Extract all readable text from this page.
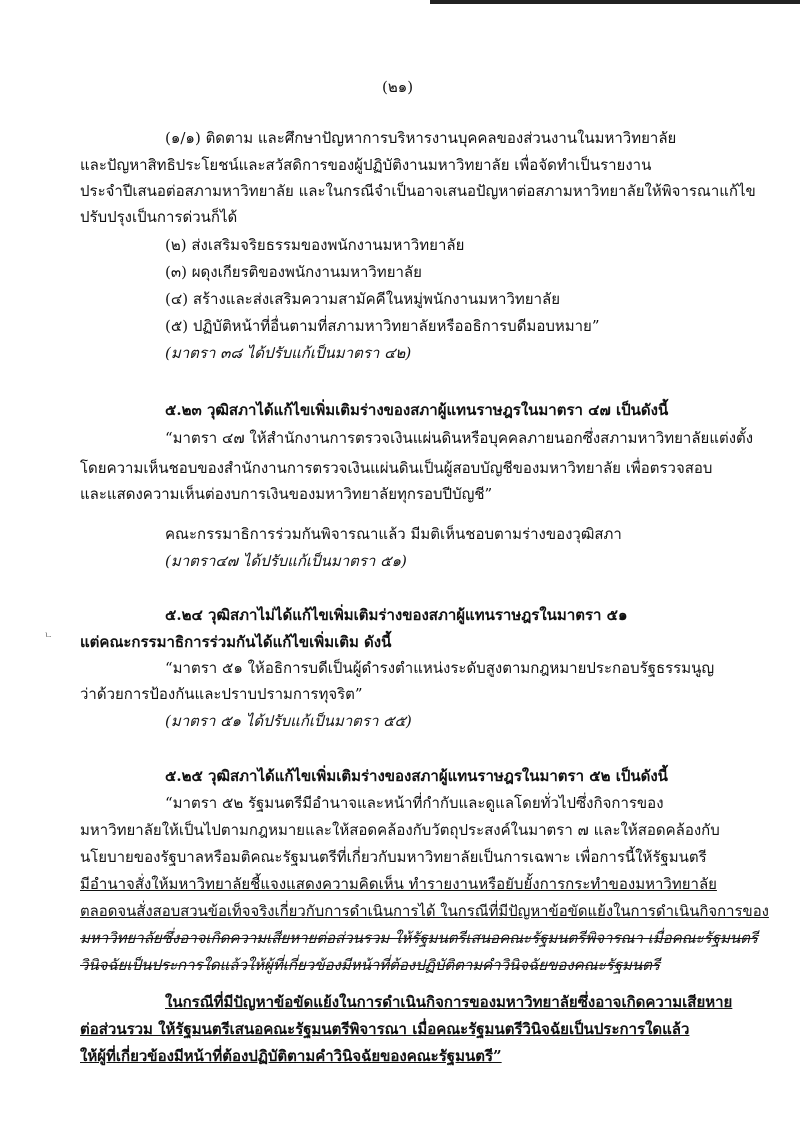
(๒๑)
ㄴ
(๑/๑) ติดตาม และศึกษาปัญหาการบริหารงานบุคคลของส่วนงานในมหาวิทยาลัย
และปัญหาสิทธิประโยชน์และสวัสดิการของผู้ปฏิบัติงานมหาวิทยาลัย เพื่อจัดทำเป็นรายงาน
ประจำปีเสนอต่อสภามหาวิทยาลัย และในกรณีจำเป็นอาจเสนอปัญหาต่อสภามหาวิทยาลัยให้พิจารณาแก้ไข
ปรับปรุงเป็นการด่วนก็ได้
(๒) ส่งเสริมจริยธรรมของพนักงานมหาวิทยาลัย
(๓) ผดุงเกียรติของพนักงานมหาวิทยาลัย
(๔) สร้างและส่งเสริมความสามัคคีในหมู่พนักงานมหาวิทยาลัย
(๕) ปฏิบัติหน้าที่อื่นตามที่สภามหาวิทยาลัยหรืออธิการบดีมอบหมาย”
(มาตรา ๓๘ ได้ปรับแก้เป็นมาตรา ๔๒)
๕.๒๓ วุฒิสภาได้แก้ไขเพิ่มเติมร่างของสภาผู้แทนราษฎรในมาตรา ๔๗ เป็นดังนี้
“มาตรา ๔๗ ให้สำนักงานการตรวจเงินแผ่นดินหรือบุคคลภายนอกซึ่งสภามหาวิทยาลัยแต่งตั้ง
โดยความเห็นชอบของสำนักงานการตรวจเงินแผ่นดินเป็นผู้สอบบัญชีของมหาวิทยาลัย เพื่อตรวจสอบ
และแสดงความเห็นต่องบการเงินของมหาวิทยาลัยทุกรอบปีบัญชี”
คณะกรรมาธิการร่วมกันพิจารณาแล้ว มีมติเห็นชอบตามร่างของวุฒิสภา
(มาตรา๔๗ ได้ปรับแก้เป็นมาตรา ๕๑)
๕.๒๔ วุฒิสภาไม่ได้แก้ไขเพิ่มเติมร่างของสภาผู้แทนราษฎรในมาตรา ๕๑
แต่คณะกรรมาธิการร่วมกันได้แก้ไขเพิ่มเติม ดังนี้
“มาตรา ๕๑ ให้อธิการบดีเป็นผู้ดำรงตำแหน่งระดับสูงตามกฎหมายประกอบรัฐธรรมนูญ
ว่าด้วยการป้องกันและปราบปรามการทุจริต”
(มาตรา ๕๑ ได้ปรับแก้เป็นมาตรา ๕๕)
๕.๒๕ วุฒิสภาได้แก้ไขเพิ่มเติมร่างของสภาผู้แทนราษฎรในมาตรา ๕๒ เป็นดังนี้
“มาตรา ๕๒ รัฐมนตรีมีอำนาจและหน้าที่กำกับและดูแลโดยทั่วไปซึ่งกิจการของ
มหาวิทยาลัยให้เป็นไปตามกฎหมายและให้สอดคล้องกับวัตถุประสงค์ในมาตรา ๗ และให้สอดคล้องกับ
นโยบายของรัฐบาลหรือมติคณะรัฐมนตรีที่เกี่ยวกับมหาวิทยาลัยเป็นการเฉพาะ เพื่อการนี้ให้รัฐมนตรี
มีอำนาจสั่งให้มหาวิทยาลัยชี้แจงแสดงความคิดเห็น ทำรายงานหรือยับยั้งการกระทำของมหาวิทยาลัย
ตลอดจนสั่งสอบสวนข้อเท็จจริงเกี่ยวกับการดำเนินการได้ ในกรณีที่มีปัญหาข้อขัดแย้งในการดำเนินกิจการของ
มหาวิทยาลัยซึ่งอาจเกิดความเสียหายต่อส่วนรวม ให้รัฐมนตรีเสนอคณะรัฐมนตรีพิจารณา เมื่อคณะรัฐมนตรี
วินิจฉัยเป็นประการใดแล้วให้ผู้ที่เกี่ยวข้องมีหน้าที่ต้องปฏิบัติตามคำวินิจฉัยของคณะรัฐมนตรี
ในกรณีที่มีปัญหาข้อขัดแย้งในการดำเนินกิจการของมหาวิทยาลัยซึ่งอาจเกิดความเสียหาย
ต่อส่วนรวม ให้รัฐมนตรีเสนอคณะรัฐมนตรีพิจารณา เมื่อคณะรัฐมนตรีวินิจฉัยเป็นประการใดแล้ว
ให้ผู้ที่เกี่ยวข้องมีหน้าที่ต้องปฏิบัติตามคำวินิจฉัยของคณะรัฐมนตรี”
